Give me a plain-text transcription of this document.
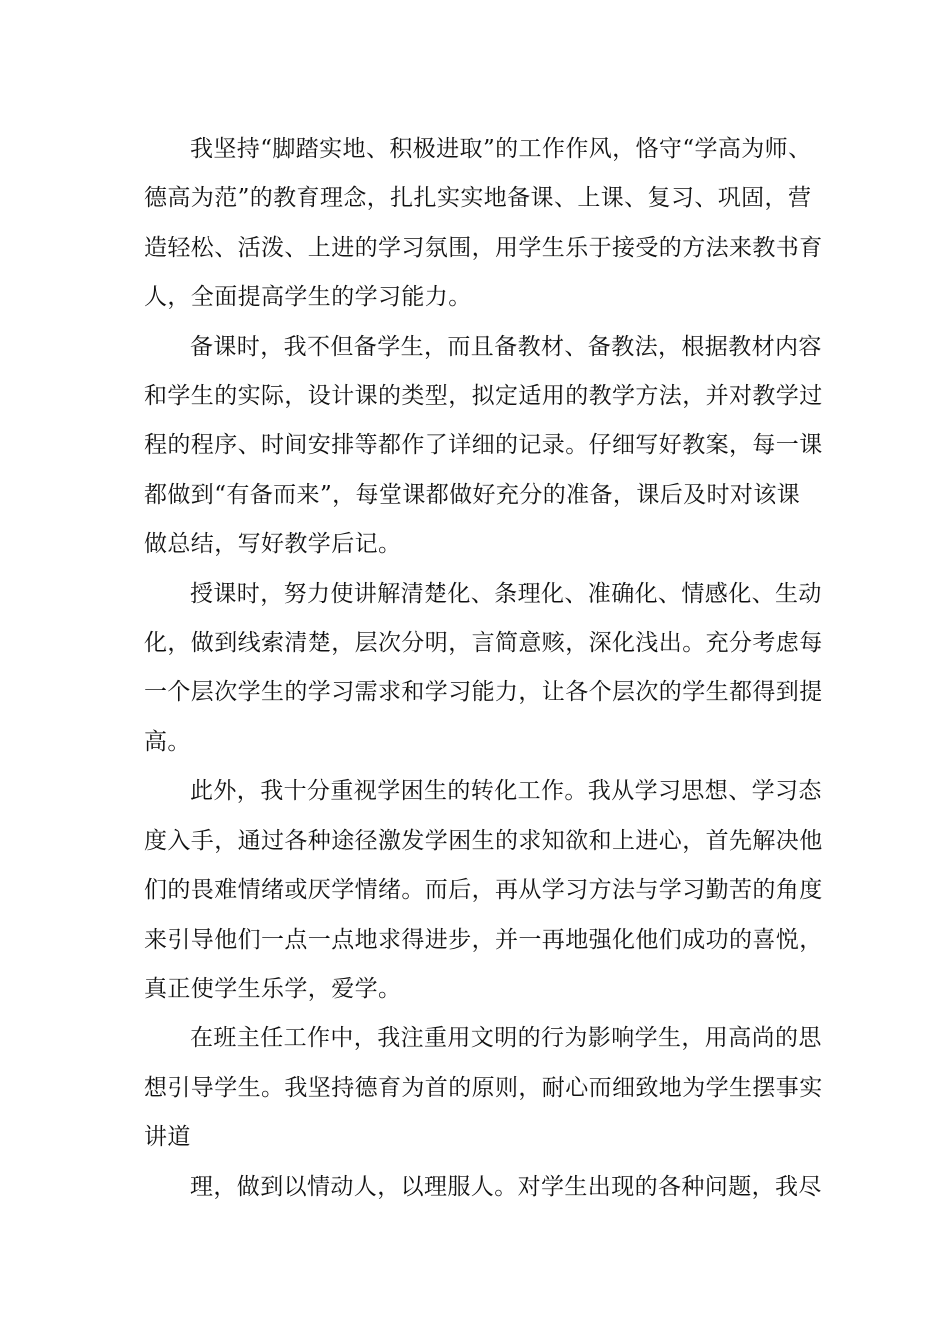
我坚持“脚踏实地、积极进取”的工作作风，恪守“学高为师、
德高为范”的教育理念，扎扎实实地备课、上课、复习、巩固，营
造轻松、活泼、上进的学习氛围，用学生乐于接受的方法来教书育
人，全面提高学生的学习能力。

备课时，我不但备学生，而且备教材、备教法，根据教材内容
和学生的实际，设计课的类型，拟定适用的教学方法，并对教学过
程的程序、时间安排等都作了详细的记录。仔细写好教案，每一课
都做到“有备而来”，每堂课都做好充分的准备，课后及时对该课
做总结，写好教学后记。

授课时，努力使讲解清楚化、条理化、准确化、情感化、生动
化，做到线索清楚，层次分明，言简意赅，深化浅出。充分考虑每
一个层次学生的学习需求和学习能力，让各个层次的学生都得到提
高。

此外，我十分重视学困生的转化工作。我从学习思想、学习态
度入手，通过各种途径激发学困生的求知欲和上进心，首先解决他
们的畏难情绪或厌学情绪。而后，再从学习方法与学习勤苦的角度
来引导他们一点一点地求得进步，并一再地强化他们成功的喜悦，
真正使学生乐学，爱学。

在班主任工作中，我注重用文明的行为影响学生，用高尚的思
想引导学生。我坚持德育为首的原则，耐心而细致地为学生摆事实
讲道

理，做到以情动人，以理服人。对学生出现的各种问题，我尽
